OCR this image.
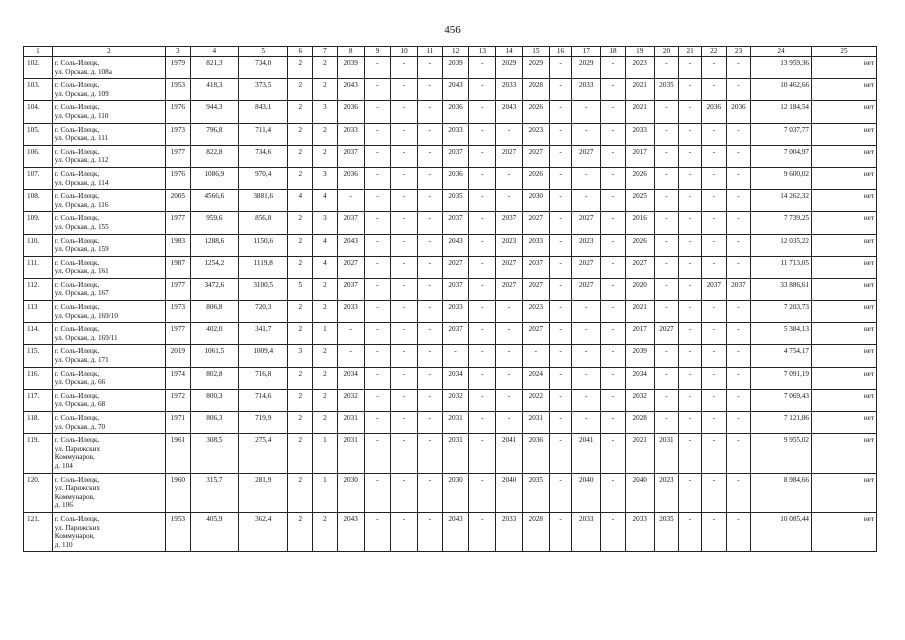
456
1	2	3	4	5	6	7	8	9	10	11	12	13	14	15	16	17	18	19	20	21	22	23	24	25
102.	г. Соль-Илецк,
ул. Орская, д. 108а	1979	821,3	734,0	2	2	2039	-	-	-	2039	-	2029	2029	-	2029	-	2023	-	-	-	-	13 959,36	нет
103.	г. Соль-Илецк,
ул. Орская, д. 109	1953	418,3	373,5	2	2	2043	-	-	-	2043	-	2033	2028	-	2033	-	2021	2035	-	-	-	10 462,66	нет
104.	г. Соль-Илецк,
ул. Орская, д. 110	1976	944,3	843,1	2	3	2036	-	-	-	2036	-	2043	2026	-	-	-	2021	-	-	2036	2036	12 184,54	нет
105.	г. Соль-Илецк,
ул. Орская, д. 111	1973	796,8	711,4	2	2	2033	-	-	-	2033	-	-	2023	-	-	-	2033	-	-	-	-	7 037,77	нет
106.	г. Соль-Илецк,
ул. Орская, д. 112	1977	822,8	734,6	2	2	2037	-	-	-	2037	-	2027	2027	-	2027	-	2017	-	-	-	-	7 004,97	нет
107.	г. Соль-Илецк,
ул. Орская, д. 114	1976	1086,9	970,4	2	3	2036	-	-	-	2036	-	-	2026	-	-	-	2026	-	-	-	-	9 600,02	нет
108.	г. Соль-Илецк,
ул. Орская, д. 116	2005	4566,6	3881,6	4	4	-	-	-	-	2035	-	-	2030	-	-	-	2025	-	-	-	-	14 262,32	нет
109.	г. Соль-Илецк,
ул. Орская, д. 155	1977	959,6	856,8	2	3	2037	-	-	-	2037	-	2037	2027	-	2027	-	2016	-	-	-	-	7 739,25	нет
110.	г. Соль-Илецк,
ул. Орская, д. 159	1983	1288,6	1150,6	2	4	2043	-	-	-	2043	-	2023	2033	-	2023	-	2026	-	-	-	-	12 035,22	нет
111.	г. Соль-Илецк,
ул. Орская, д. 161	1987	1254,2	1119,8	2	4	2027	-	-	-	2027	-	2027	2037	-	2027	-	2027	-	-	-	-	11 713,05	нет
112.	г. Соль-Илецк,
ул. Орская, д. 167	1977	3472,6	3100,5	5	2	2037	-	-	-	2037	-	2027	2027	-	2027	-	2020	-	-	2037	2037	33 886,61	нет
113	г. Соль-Илецк,
ул. Орская, д. 169/10	1973	806,8	720,3	2	2	2033	-	-	-	2033	-	-	2023	-	-	-	2021	-	-	-	-	7 203,73	нет
114.	г. Соль-Илецк,
ул. Орская, д. 169/11	1977	402,0	341,7	2	1	-	-	-	-	2037	-	-	2027	-	-	-	2017	2027	-	-	-	5 384,13	нет
115.	г. Соль-Илецк,
ул. Орская, д. 171	2019	1061,5	1009,4	3	2	-	-	-	-	-	-	-	-	-	-	-	2039	-	-	-	-	4 754,17	нет
116.	г. Соль-Илецк,
ул. Орская, д. 66	1974	802,8	716,8	2	2	2034	-	-	-	2034	-	-	2024	-	-	-	2034	-	-	-	-	7 091,19	нет
117.	г. Соль-Илецк,
ул. Орская, д. 68	1972	800,3	714,6	2	2	2032	-	-	-	2032	-	-	2022	-	-	-	2032	-	-	-	-	7 069,43	нет
118.	г. Соль-Илецк,
ул. Орская, д. 70	1971	806,3	719,9	2	2	2031	-	-	-	2031	-	-	2031	-	-	-	2028	-	-	-	-	7 121,86	нет
119.	г. Соль-Илецк,
ул. Парижских
Коммунаров,
д. 104	1961	308,5	275,4	2	1	2031	-	-	-	2031	-	2041	2036	-	2041	-	2021	2031	-	-	-	9 955,02	нет
120.	г. Соль-Илецк,
ул. Парижских
Коммунаров,
д. 106	1960	315,7	281,9	2	1	2030	-	-	-	2030	-	2040	2035	-	2040	-	2040	2023	-	-	-	8 984,66	нет
121.	г. Соль-Илецк,
ул. Парижских
Коммунаров,
д. 110	1953	405,9	362,4	2	2	2043	-	-	-	2043	-	2033	2028	-	2033	-	2033	2035	-	-	-	10 085,44	нет
